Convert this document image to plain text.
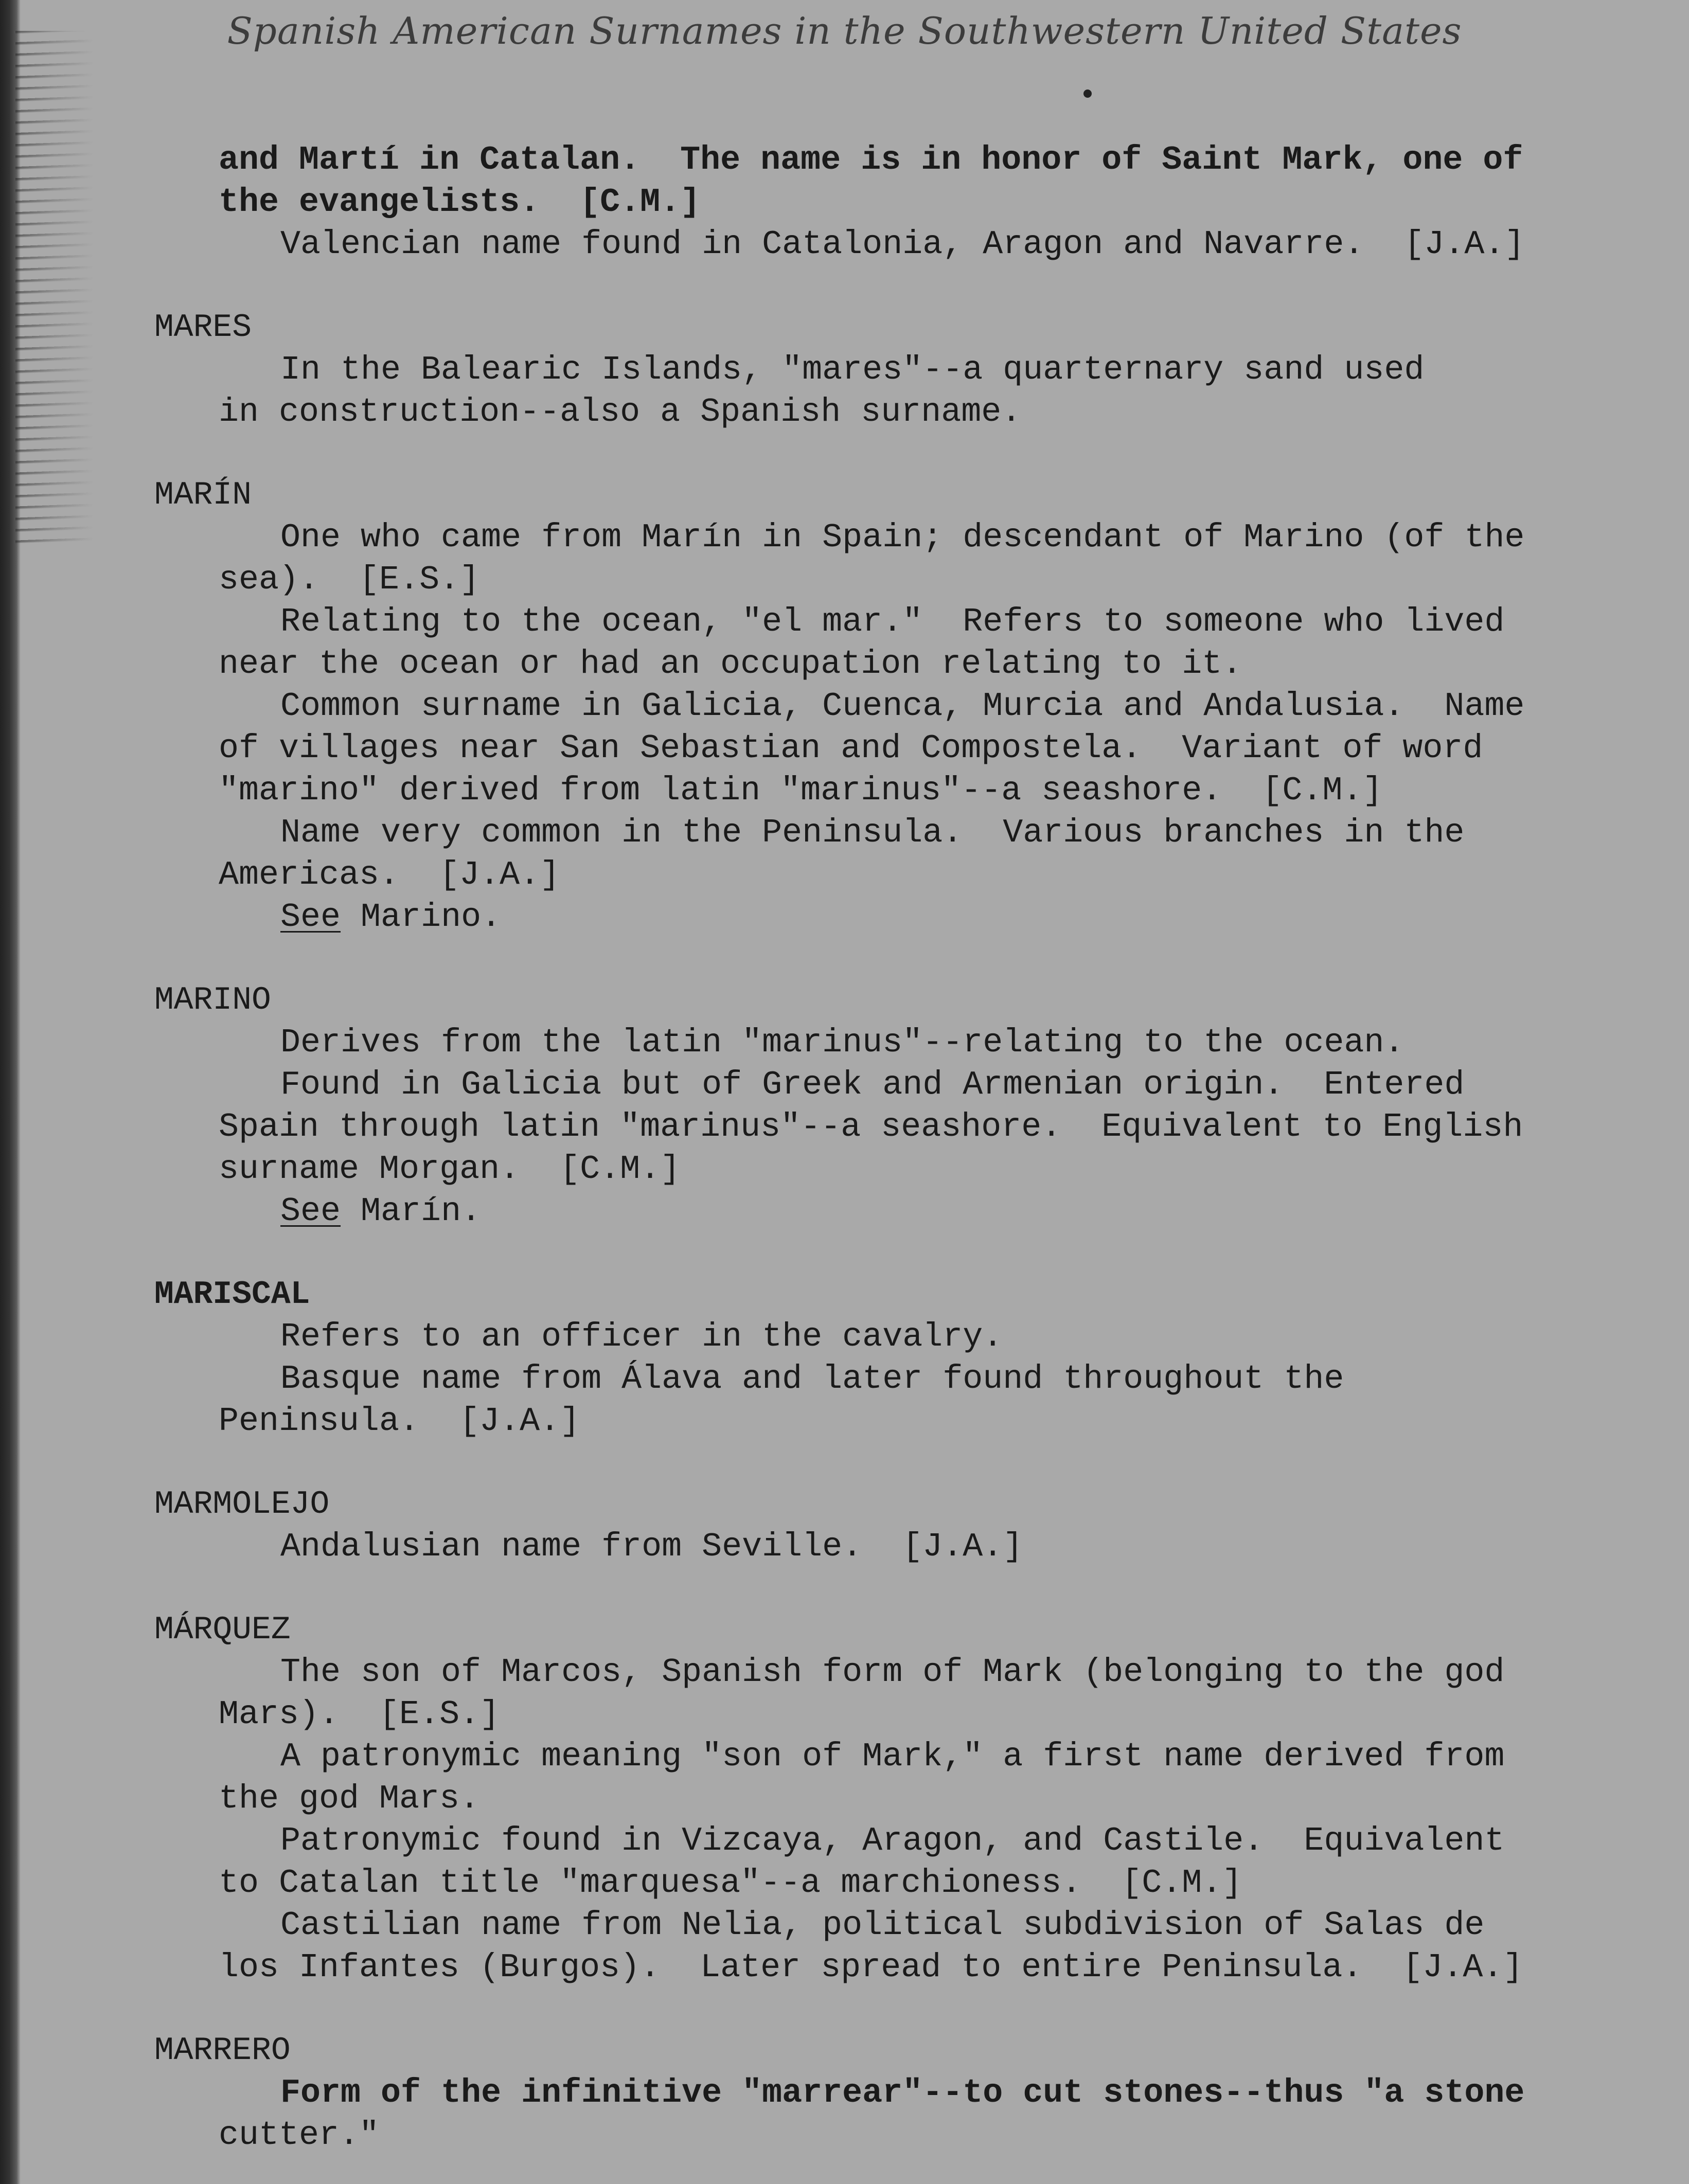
Spanish American Surnames in the Southwestern United States
and Martí in Catalan.  The name is in honor of Saint Mark, one of
the evangelists.  [C.M.]
Valencian name found in Catalonia, Aragon and Navarre.  [J.A.]
MARES
In the Balearic Islands, "mares"--a quarternary sand used
in construction--also a Spanish surname.
MARÍN
One who came from Marín in Spain; descendant of Marino (of the
sea).  [E.S.]
Relating to the ocean, "el mar."  Refers to someone who lived
near the ocean or had an occupation relating to it.
Common surname in Galicia, Cuenca, Murcia and Andalusia.  Name
of villages near San Sebastian and Compostela.  Variant of word
"marino" derived from latin "marinus"--a seashore.  [C.M.]
Name very common in the Peninsula.  Various branches in the
Americas.  [J.A.]
See Marino.
MARINO
Derives from the latin "marinus"--relating to the ocean.
Found in Galicia but of Greek and Armenian origin.  Entered
Spain through latin "marinus"--a seashore.  Equivalent to English
surname Morgan.  [C.M.]
See Marín.
MARISCAL
Refers to an officer in the cavalry.
Basque name from Álava and later found throughout the
Peninsula.  [J.A.]
MARMOLEJO
Andalusian name from Seville.  [J.A.]
MÁRQUEZ
The son of Marcos, Spanish form of Mark (belonging to the god
Mars).  [E.S.]
A patronymic meaning "son of Mark," a first name derived from
the god Mars.
Patronymic found in Vizcaya, Aragon, and Castile.  Equivalent
to Catalan title "marquesa"--a marchioness.  [C.M.]
Castilian name from Nelia, political subdivision of Salas de
los Infantes (Burgos).  Later spread to entire Peninsula.  [J.A.]
MARRERO
Form of the infinitive "marrear"--to cut stones--thus "a stone
cutter."
